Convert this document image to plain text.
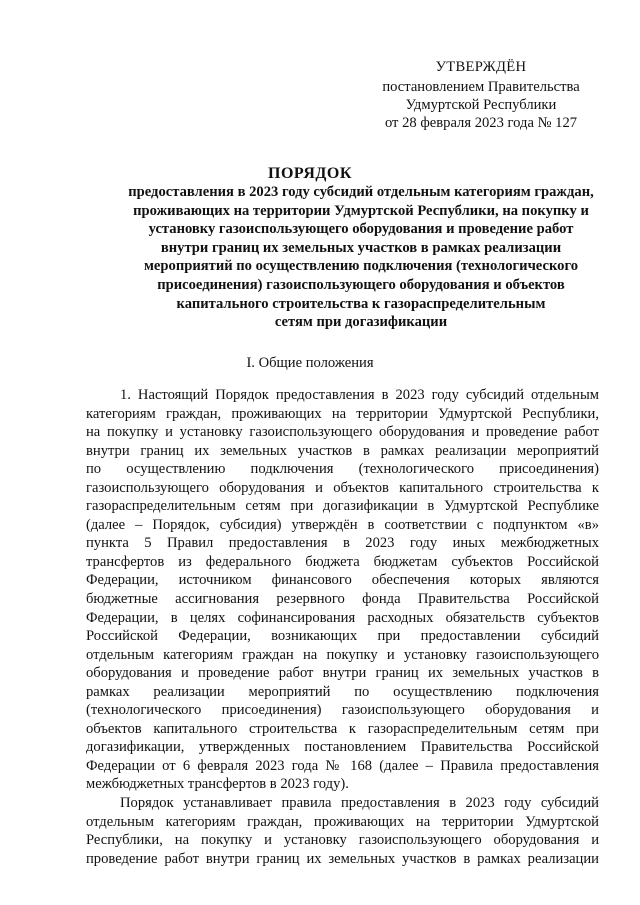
УТВЕРЖДЁН
постановлением Правительства
Удмуртской Республики
от 28 февраля 2023 года № 127
ПОРЯДОК
предоставления в 2023 году субсидий отдельным категориям граждан,
проживающих на территории Удмуртской Республики, на покупку и
установку газоиспользующего оборудования и проведение работ
внутри границ их земельных участков в рамках реализации
мероприятий по осуществлению подключения (технологического
присоединения) газоиспользующего оборудования и объектов
капитального строительства к газораспределительным
сетям при догазификации
I. Общие положения
1. Настоящий Порядок предоставления в 2023 году субсидий отдельным
категориям граждан, проживающих на территории Удмуртской Республики,
на покупку и установку газоиспользующего оборудования и проведение работ
внутри границ их земельных участков в рамках реализации мероприятий
по осуществлению подключения (технологического присоединения)
газоиспользующего оборудования и объектов капитального строительства к
газораспределительным сетям при догазификации в Удмуртской Республике
(далее – Порядок, субсидия) утверждён в соответствии с подпунктом «в»
пункта 5 Правил предоставления в 2023 году иных межбюджетных
трансфертов из федерального бюджета бюджетам субъектов Российской
Федерации, источником финансового обеспечения которых являются
бюджетные ассигнования резервного фонда Правительства Российской
Федерации, в целях софинансирования расходных обязательств субъектов
Российской Федерации, возникающих при предоставлении субсидий
отдельным категориям граждан на покупку и установку газоиспользующего
оборудования и проведение работ внутри границ их земельных участков в
рамках реализации мероприятий по осуществлению подключения
(технологического присоединения) газоиспользующего оборудования и
объектов капитального строительства к газораспределительным сетям при
догазификации, утвержденных постановлением Правительства Российской
Федерации от 6 февраля 2023 года № 168 (далее – Правила предоставления
межбюджетных трансфертов в 2023 году).
Порядок устанавливает правила предоставления в 2023 году субсидий
отдельным категориям граждан, проживающих на территории Удмуртской
Республики, на покупку и установку газоиспользующего оборудования и
проведение работ внутри границ их земельных участков в рамках реализации
